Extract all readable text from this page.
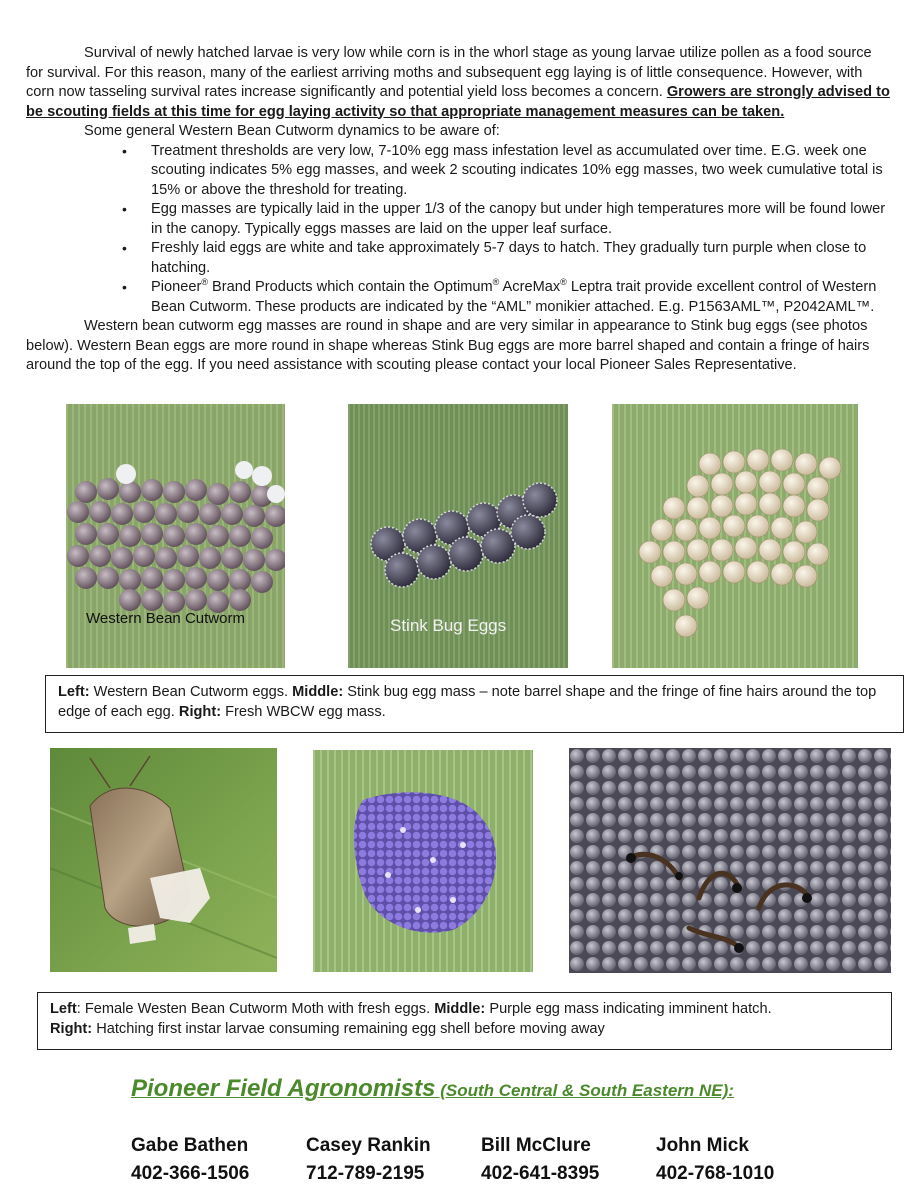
Survival of newly hatched larvae is very low while corn is in the whorl stage as young larvae utilize pollen as a food source for survival. For this reason, many of the earliest arriving moths and subsequent egg laying is of little consequence. However, with corn now tasseling survival rates increase significantly and potential yield loss becomes a concern. Growers are strongly advised to be scouting fields at this time for egg laying activity so that appropriate management measures can be taken.

Some general Western Bean Cutworm dynamics to be aware of:

• Treatment thresholds are very low, 7-10% egg mass infestation level as accumulated over time. E.G. week one scouting indicates 5% egg masses, and week 2 scouting indicates 10% egg masses, two week cumulative total is 15% or above the threshold for treating.
• Egg masses are typically laid in the upper 1/3 of the canopy but under high temperatures more will be found lower in the canopy. Typically eggs masses are laid on the upper leaf surface.
• Freshly laid eggs are white and take approximately 5-7 days to hatch. They gradually turn purple when close to hatching.
• Pioneer® Brand Products which contain the Optimum® AcreMax® Leptra trait provide excellent control of Western Bean Cutworm. These products are indicated by the “AML” monikier attached. E.g. P1563AML™, P2042AML™.

Western bean cutworm egg masses are round in shape and are very similar in appearance to Stink bug eggs (see photos below). Western Bean eggs are more round in shape whereas Stink Bug eggs are more barrel shaped and contain a fringe of hairs around the top of the egg. If you need assistance with scouting please contact your local Pioneer Sales Representative.

Western Bean Cutworm	Stink Bug Eggs
Left: Western Bean Cutworm eggs. Middle: Stink bug egg mass – note barrel shape and the fringe of fine hairs around the top edge of each egg. Right: Fresh WBCW egg mass.
Left: Female Westen Bean Cutworm Moth with fresh eggs. Middle: Purple egg mass indicating imminent hatch.
Right: Hatching first instar larvae consuming remaining egg shell before moving away
Pioneer Field Agronomists (South Central & South Eastern NE):
Gabe Bathen
402-366-1506
Casey Rankin
712-789-2195
Bill McClure
402-641-8395
John Mick
402-768-1010
